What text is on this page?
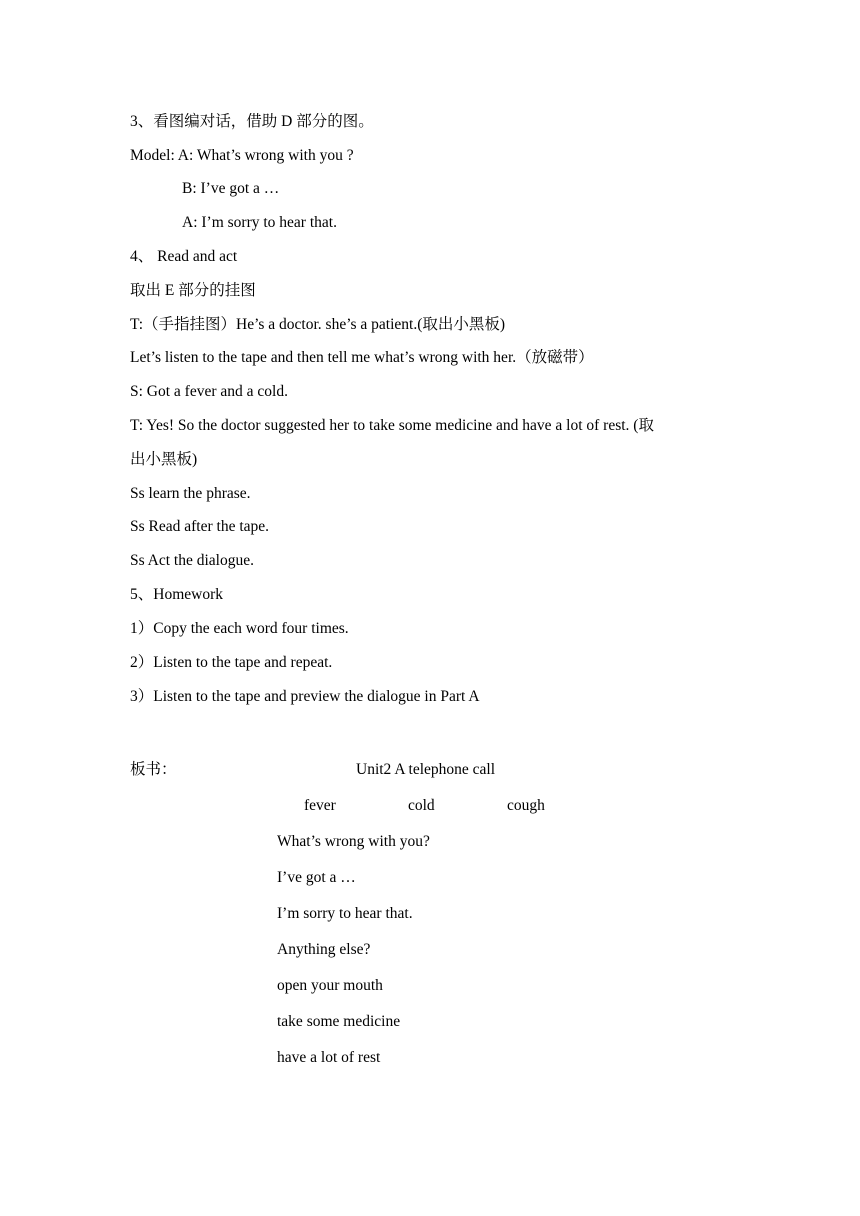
3、看图编对话，借助 D 部分的图。
Model: A: What’s wrong with you ?
B: I’ve got a …
A: I’m sorry to hear that.
4、 Read and act
取出 E 部分的挂图
T:（手指挂图）He’s a doctor. she’s a patient.(取出小黑板)
Let’s listen to the tape and then tell me what’s wrong with her.（放磁带）
S: Got a fever and a cold.
T: Yes! So the doctor suggested her to take some medicine and have a lot of rest. (取
出小黑板)
Ss learn the phrase.
Ss Read after the tape.
Ss Act the dialogue.
5、Homework
1）Copy the each word four times.
2）Listen to the tape and repeat.
3）Listen to the tape and preview the dialogue in Part A
板书：	Unit2 A telephone call
fever	cold	cough
What’s wrong with you?
I’ve got a …
I’m sorry to hear that.
Anything else?
open your mouth
take some medicine
have a lot of rest
